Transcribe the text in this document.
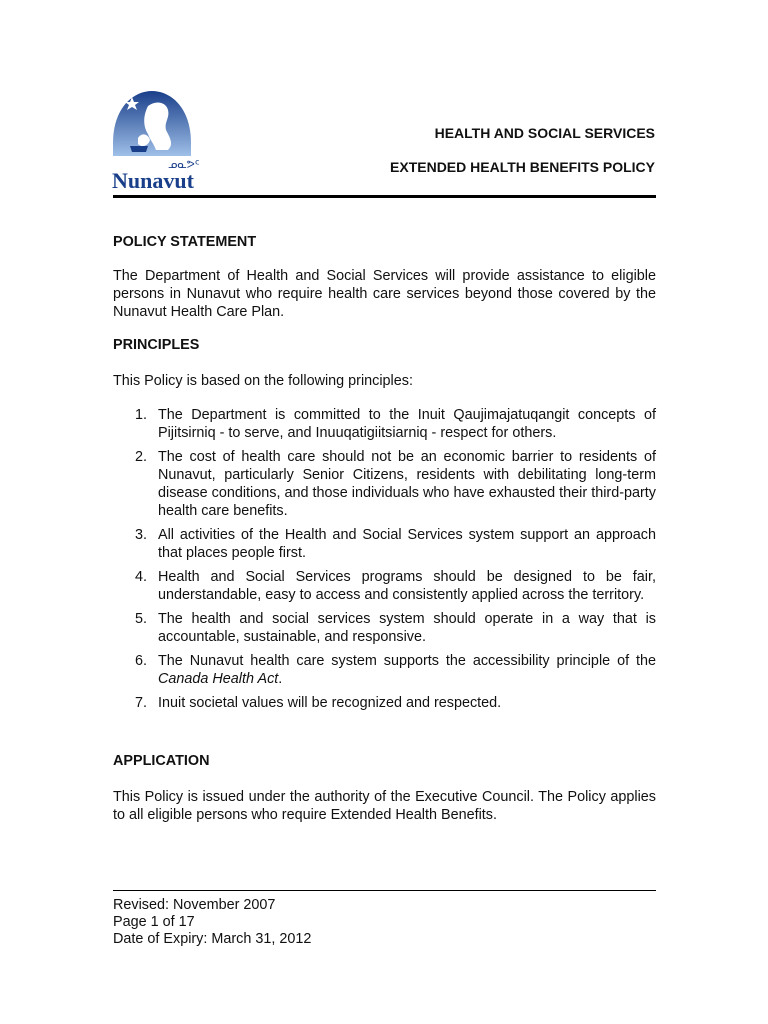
ᓄᓇᕗᑦ
Nunavut
HEALTH AND SOCIAL SERVICES
EXTENDED HEALTH BENEFITS POLICY
POLICY STATEMENT
The Department of Health and Social Services will provide assistance to eligible persons in Nunavut who require health care services beyond those covered by the Nunavut Health Care Plan.
PRINCIPLES
This Policy is based on the following principles:
1. The Department is committed to the Inuit Qaujimajatuqangit concepts of Pijitsirniq - to serve, and Inuuqatigiitsiarniq - respect for others.
2. The cost of health care should not be an economic barrier to residents of Nunavut, particularly Senior Citizens, residents with debilitating long-term disease conditions, and those individuals who have exhausted their third-party health care benefits.
3. All activities of the Health and Social Services system support an approach that places people first.
4. Health and Social Services programs should be designed to be fair, understandable, easy to access and consistently applied across the territory.
5. The health and social services system should operate in a way that is accountable, sustainable, and responsive.
6. The Nunavut health care system supports the accessibility principle of the Canada Health Act.
7. Inuit societal values will be recognized and respected.
APPLICATION
This Policy is issued under the authority of the Executive Council. The Policy applies to all eligible persons who require Extended Health Benefits.
Revised: November 2007
Page 1 of 17
Date of Expiry: March 31, 2012
